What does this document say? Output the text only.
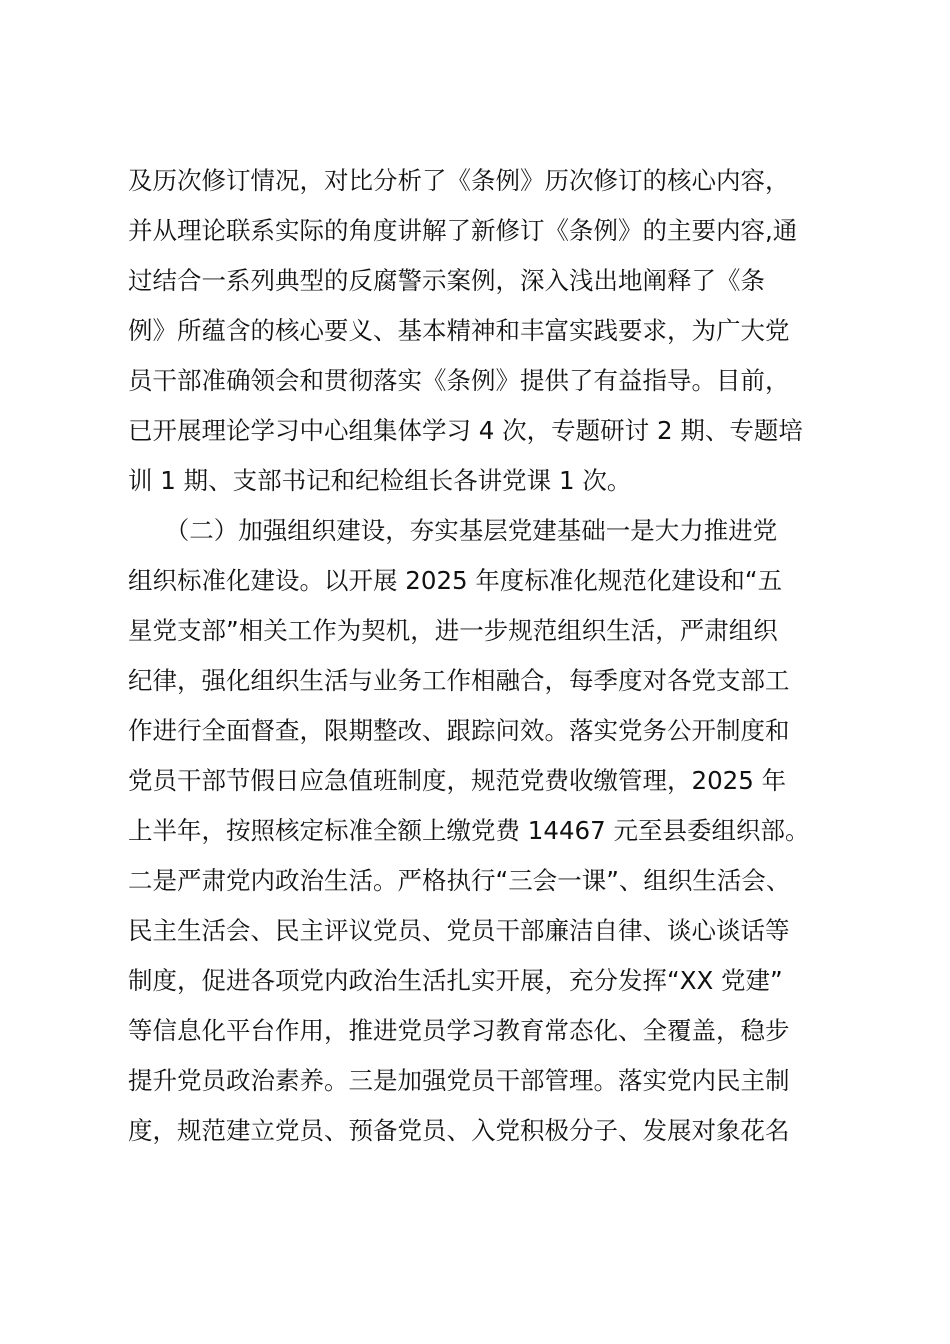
及历次修订情况，对比分析了《条例》历次修订的核心内容，
并从理论联系实际的角度讲解了新修订《条例》的主要内容,通
过结合一系列典型的反腐警示案例，深入浅出地阐释了《条
例》所蕴含的核心要义、基本精神和丰富实践要求，为广大党
员干部准确领会和贯彻落实《条例》提供了有益指导。目前，
已开展理论学习中心组集体学习 4 次，专题研讨 2 期、专题培
训 1 期、支部书记和纪检组长各讲党课 1 次。
　　（二）加强组织建设，夯实基层党建基础一是大力推进党
组织标准化建设。以开展 2025 年度标准化规范化建设和“五
星党支部”相关工作为契机，进一步规范组织生活，严肃组织
纪律，强化组织生活与业务工作相融合，每季度对各党支部工
作进行全面督查，限期整改、跟踪问效。落实党务公开制度和
党员干部节假日应急值班制度，规范党费收缴管理，2025 年
上半年，按照核定标准全额上缴党费 14467 元至县委组织部。
二是严肃党内政治生活。严格执行“三会一课”、组织生活会、
民主生活会、民主评议党员、党员干部廉洁自律、谈心谈话等
制度，促进各项党内政治生活扎实开展，充分发挥“XX 党建”
等信息化平台作用，推进党员学习教育常态化、全覆盖，稳步
提升党员政治素养。三是加强党员干部管理。落实党内民主制
度，规范建立党员、预备党员、入党积极分子、发展对象花名
